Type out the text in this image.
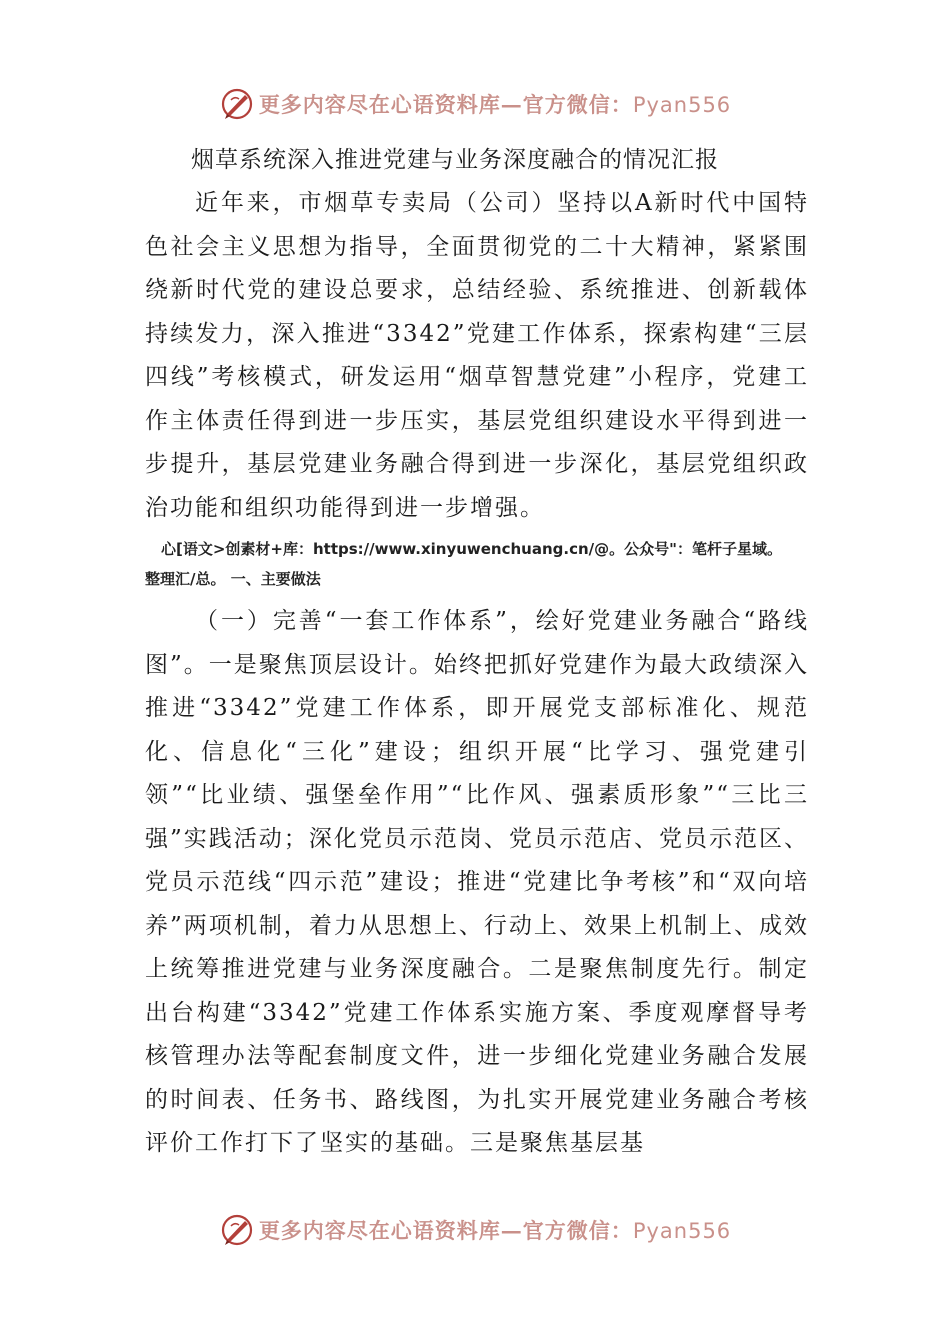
更多内容尽在心语资料库—官方微信：Pyan556

烟草系统深入推进党建与业务深度融合的情况汇报

近年来，市烟草专卖局（公司）坚持以A新时代中国特色社会主义思想为指导，全面贯彻党的二十大精神，紧紧围绕新时代党的建设总要求，总结经验、系统推进、创新载体持续发力，深入推进“3342”党建工作体系，探索构建“三层四线”考核模式，研发运用“烟草智慧党建”小程序，党建工作主体责任得到进一步压实，基层党组织建设水平得到进一步提升，基层党建业务融合得到进一步深化，基层党组织政治功能和组织功能得到进一步增强。

心[语文>创素材+库：https://www.xinyuwenchuang.cn/@。公众号"：笔杆子星域。
整理汇/总。 一、主要做法

（一）完善“一套工作体系”，绘好党建业务融合“路线图”。一是聚焦顶层设计。始终把抓好党建作为最大政绩深入推进“3342”党建工作体系，即开展党支部标准化、规范化、信息化“三化”建设；组织开展“比学习、强党建引领”“比业绩、强堡垒作用”“比作风、强素质形象”“三比三强”实践活动；深化党员示范岗、党员示范店、党员示范区、党员示范线“四示范”建设；推进“党建比争考核”和“双向培养”两项机制，着力从思想上、行动上、效果上机制上、成效上统筹推进党建与业务深度融合。二是聚焦制度先行。制定出台构建“3342”党建工作体系实施方案、季度观摩督导考核管理办法等配套制度文件，进一步细化党建业务融合发展的时间表、任务书、路线图，为扎实开展党建业务融合考核评价工作打下了坚实的基础。三是聚焦基层基

更多内容尽在心语资料库—官方微信：Pyan556
